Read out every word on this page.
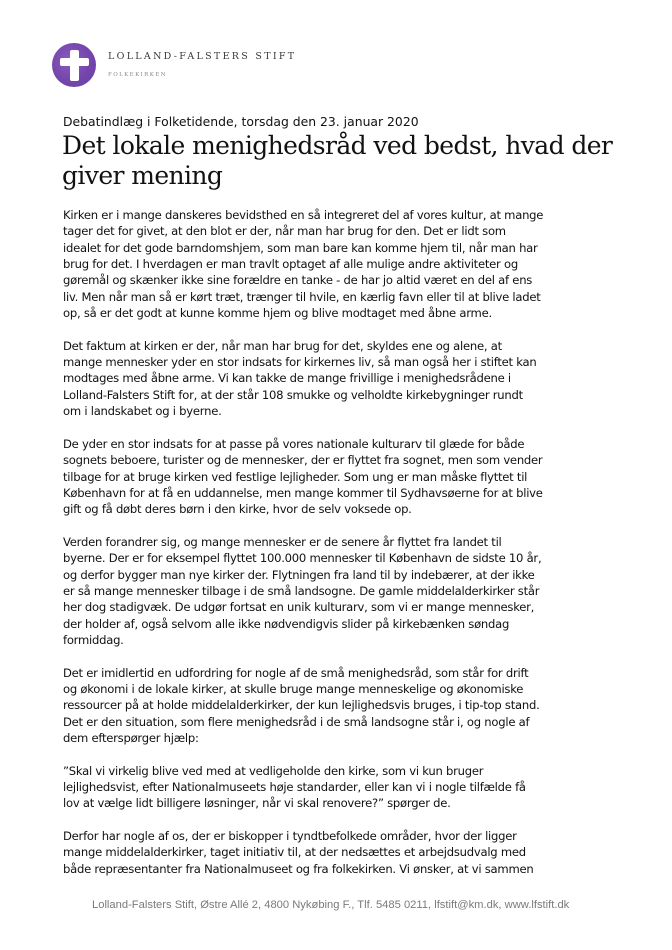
LOLLAND-FALSTERS STIFT
FOLKEKIRKEN
Debatindlæg i Folketidende, torsdag den 23. januar 2020
Det lokale menighedsråd ved bedst, hvad der
giver mening

Kirken er i mange danskeres bevidsthed en så integreret del af vores kultur, at mange
tager det for givet, at den blot er der, når man har brug for den. Det er lidt som
idealet for det gode barndomshjem, som man bare kan komme hjem til, når man har
brug for det. I hverdagen er man travlt optaget af alle mulige andre aktiviteter og
gøremål og skænker ikke sine forældre en tanke - de har jo altid været en del af ens
liv. Men når man så er kørt træt, trænger til hvile, en kærlig favn eller til at blive ladet
op, så er det godt at kunne komme hjem og blive modtaget med åbne arme.

Det faktum at kirken er der, når man har brug for det, skyldes ene og alene, at
mange mennesker yder en stor indsats for kirkernes liv, så man også her i stiftet kan
modtages med åbne arme. Vi kan takke de mange frivillige i menighedsrådene i
Lolland-Falsters Stift for, at der står 108 smukke og velholdte kirkebygninger rundt
om i landskabet og i byerne.

De yder en stor indsats for at passe på vores nationale kulturarv til glæde for både
sognets beboere, turister og de mennesker, der er flyttet fra sognet, men som vender
tilbage for at bruge kirken ved festlige lejligheder. Som ung er man måske flyttet til
København for at få en uddannelse, men mange kommer til Sydhavsøerne for at blive
gift og få døbt deres børn i den kirke, hvor de selv voksede op.

Verden forandrer sig, og mange mennesker er de senere år flyttet fra landet til
byerne. Der er for eksempel flyttet 100.000 mennesker til København de sidste 10 år,
og derfor bygger man nye kirker der. Flytningen fra land til by indebærer, at der ikke
er så mange mennesker tilbage i de små landsogne. De gamle middelalderkirker står
her dog stadigvæk. De udgør fortsat en unik kulturarv, som vi er mange mennesker,
der holder af, også selvom alle ikke nødvendigvis slider på kirkebænken søndag
formiddag.

Det er imidlertid en udfordring for nogle af de små menighedsråd, som står for drift
og økonomi i de lokale kirker, at skulle bruge mange menneskelige og økonomiske
ressourcer på at holde middelalderkirker, der kun lejlighedsvis bruges, i tip-top stand.
Det er den situation, som flere menighedsråd i de små landsogne står i, og nogle af
dem efterspørger hjælp:

”Skal vi virkelig blive ved med at vedligeholde den kirke, som vi kun bruger
lejlighedsvist, efter Nationalmuseets høje standarder, eller kan vi i nogle tilfælde få
lov at vælge lidt billigere løsninger, når vi skal renovere?” spørger de.

Derfor har nogle af os, der er biskopper i tyndtbefolkede områder, hvor der ligger
mange middelalderkirker, taget initiativ til, at der nedsættes et arbejdsudvalg med
både repræsentanter fra Nationalmuseet og fra folkekirken. Vi ønsker, at vi sammen

Lolland-Falsters Stift, Østre Allé 2, 4800 Nykøbing F., Tlf. 5485 0211, lfstift@km.dk, www.lfstift.dk
